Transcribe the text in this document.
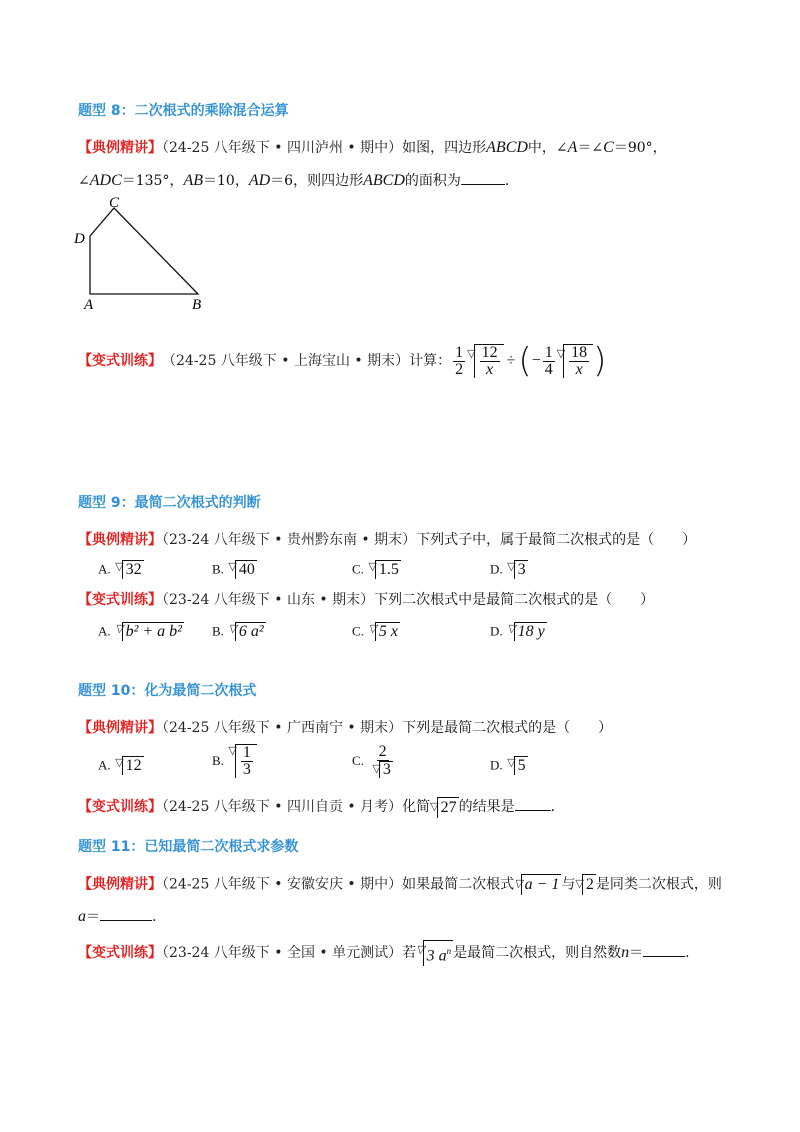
题型 8：二次根式的乘除混合运算
【典例精讲】（24-25 八年级下 • 四川泸州 • 期中）如图，四边形ABCD中，∠A＝∠C＝90°，
∠ADC＝135°，AB＝10，AD＝6，则四边形ABCD的面积为	.
C
D
A	B
【变式训练】 （24-25 八年级下 • 上海宝山 • 期末） 计算： $\frac{1}{2}$ ▽ $\frac{12}{x}$ ÷ ( − $\frac{1}{4}$ ▽ $\frac{18}{x}$ )
题型 9：最简二次根式的判断
【典例精讲】（23-24 八年级下 • 贵州黔东南 • 期末）下列式子中，属于最简二次根式的是（　　）
A. ▽ 32	B. ▽ 40	C. ▽ 1.5	D. ▽ 3
【变式训练】（23-24 八年级下 • 山东 • 期末）下列二次根式中是最简二次根式的是（　　）
A. ▽ b² + a b² B. ▽ 6 a²	C. ▽ 5 x	D. ▽ 18 y
题型 10：化为最简二次根式
【典例精讲】（24-25 八年级下 • 广西南宁 • 期末）下列是最简二次根式的是（　　）
A. ▽ 12	B.

▽ $\frac{1}{3}$	C.
$\frac{2}{▽ 3}$	D. ▽ 5
【变式训练】（24-25 八年级下 • 四川自贡 • 月考）化简 ▽ 27 的结果是	.
题型 11：已知最简二次根式求参数
【典例精讲】（24-25 八年级下 • 安徽安庆 • 期中）如果最简二次根式 ▽ a − 1 与 ▽ 2 是同类二次根式，则
a＝	.
【变式训练】（23-24 八年级下 • 全国 • 单元测试）若 ▽ 3 $a^n$ 是最简二次根式，则自然数n＝	.
